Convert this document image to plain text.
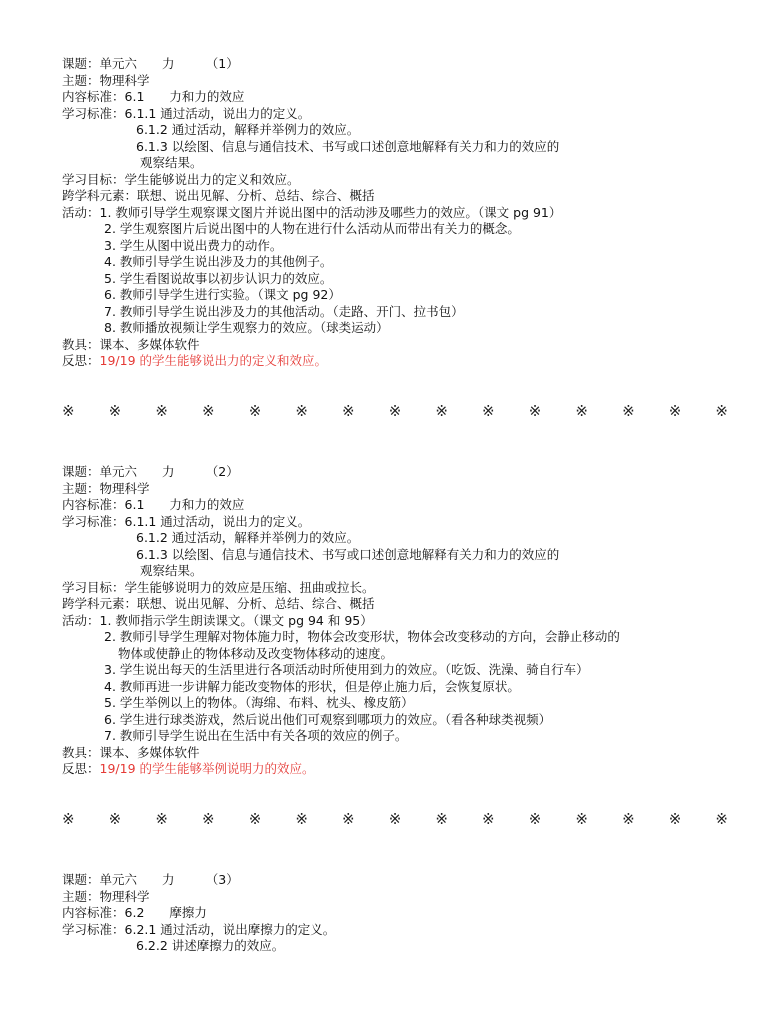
课题： 单元六　　力　　　（1）
主题： 物理科学
内容标准： 6.1　　力和力的效应
学习标准： 6.1.1 通过活动，说出力的定义。
6.1.2 通过活动，解释并举例力的效应。
6.1.3 以绘图、信息与通信技术、书写或口述创意地解释有关力和力的效应的
观察结果。
学习目标： 学生能够说出力的定义和效应。
跨学科元素 ：联想、说出见解、分析、总结、综合、概括
活动： 1. 教师引导学生观察课文图片并说出图中的活动涉及哪些力的效应。（课文 pg 91）
2. 学生观察图片后说出图中的人物在进行什么活动从而带出有关力的概念。
3. 学生从图中说出费力的动作。
4. 教师引导学生说出涉及力的其他例子。
5. 学生看图说故事以初步认识力的效应。
6. 教师引导学生进行实验。（课文 pg 92）
7. 教师引导学生说出涉及力的其他活动。（走路、开门、拉书包）
8. 教师播放视频让学生观察力的效应。（球类运动）
教具： 课本、多媒体软件
反思： 19/19 的学生能够说出力的定义和效应。
※ ※ ※ ※ ※ ※ ※ ※ ※ ※ ※ ※ ※ ※ ※
课题： 单元六　　力　　　（2）
主题： 物理科学
内容标准： 6.1　　力和力的效应
学习标准： 6.1.1 通过活动，说出力的定义。
6.1.2 通过活动，解释并举例力的效应。
6.1.3 以绘图、信息与通信技术、书写或口述创意地解释有关力和力的效应的
观察结果。
学习目标： 学生能够说明力的效应是压缩、扭曲或拉长。
跨学科元素 ：联想、说出见解、分析、总结、综合、概括
活动： 1. 教师指示学生朗读课文。（课文 pg 94 和 95）
2. 教师引导学生理解对物体施力时，物体会改变形状，物体会改变移动的方向，会静止移动的
物体或使静止的物体移动及改变物体移动的速度。
3. 学生说出每天的生活里进行各项活动时所使用到力的效应。（吃饭、洗澡、骑自行车）
4. 教师再进一步讲解力能改变物体的形状，但是停止施力后，会恢复原状。
5. 学生举例以上的物体。（海绵、布料、枕头、橡皮筋）
6. 学生进行球类游戏，然后说出他们可观察到哪项力的效应。（看各种球类视频）
7. 教师引导学生说出在生活中有关各项的效应的例子。
教具： 课本、多媒体软件
反思： 19/19 的学生能够举例说明力的效应。
※ ※ ※ ※ ※ ※ ※ ※ ※ ※ ※ ※ ※ ※ ※
课题： 单元六　　力　　　（3）
主题： 物理科学
内容标准： 6.2　　摩擦力
学习标准： 6.2.1 通过活动，说出摩擦力的定义。
6.2.2 讲述摩擦力的效应。
